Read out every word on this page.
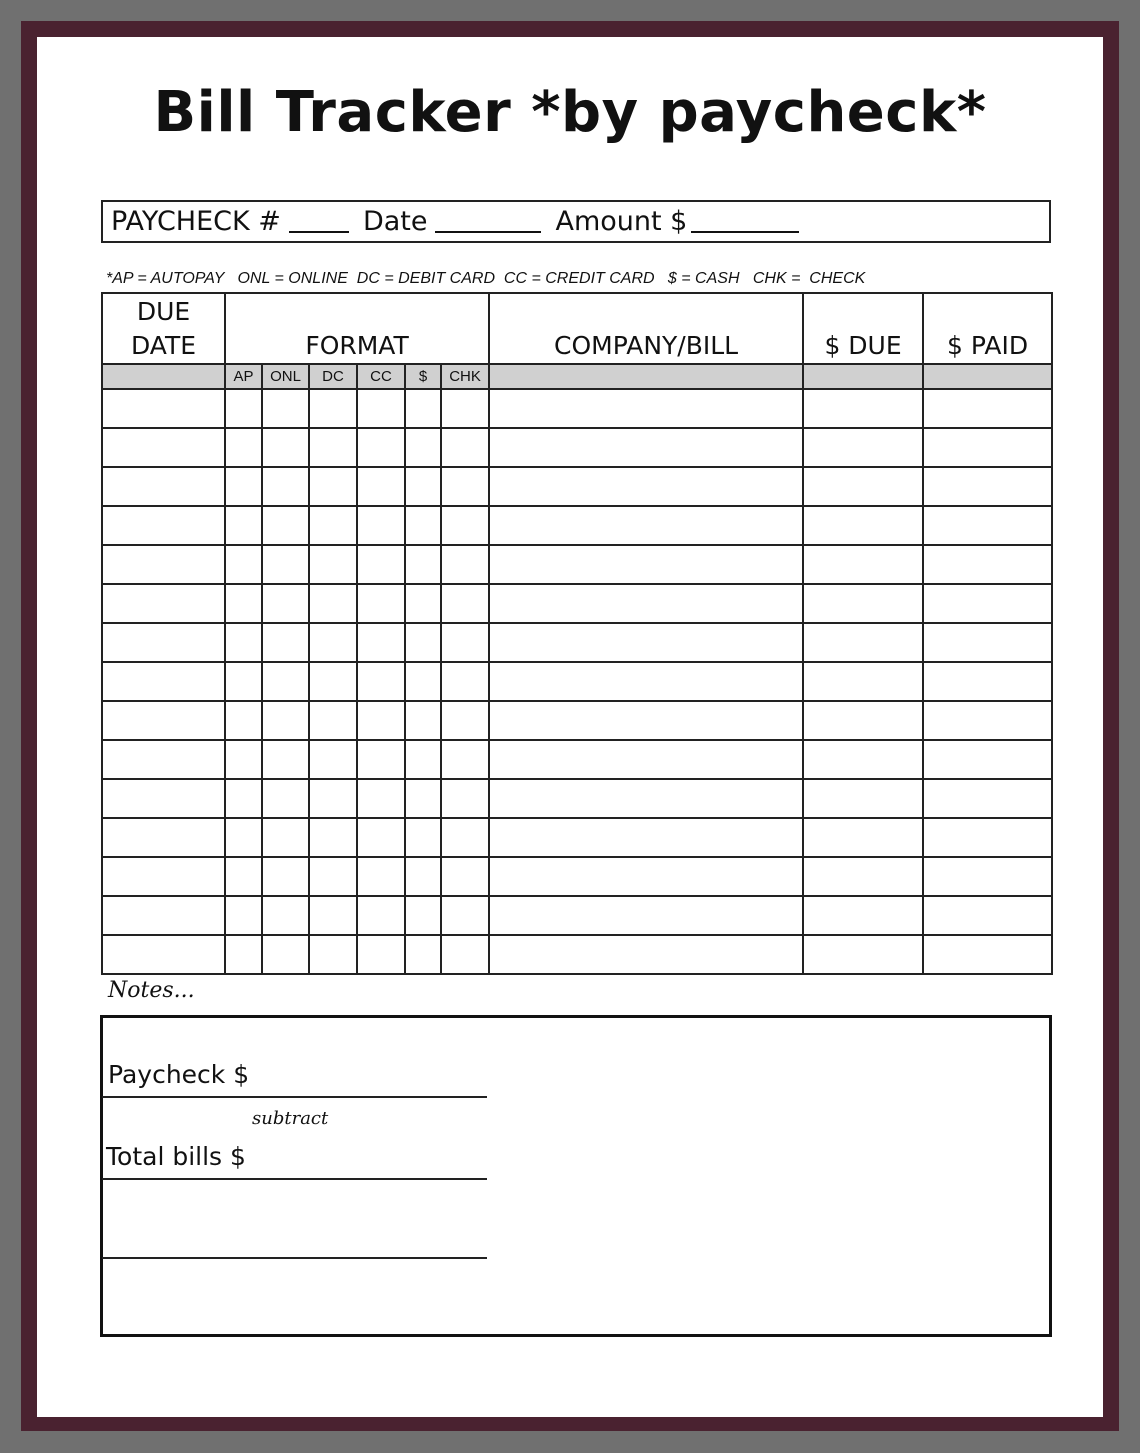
Bill Tracker *by paycheck*
PAYCHECK #	Date	Amount $
*AP = AUTOPAY   ONL = ONLINE  DC = DEBIT CARD  CC = CREDIT CARD   $ = CASH   CHK =  CHECK
DUE
DATE	FORMAT						COMPANY/BILL	$ DUE	$ PAID
	AP	ONL	DC	CC	$	CHK			

Notes...
Paycheck $
subtract
Total bills $
